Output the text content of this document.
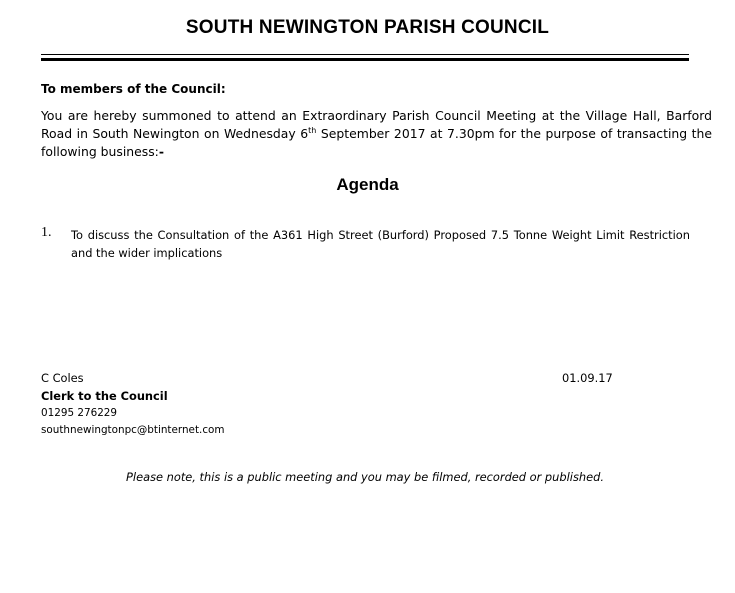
SOUTH NEWINGTON PARISH COUNCIL
To members of the Council:
You are hereby summoned to attend an Extraordinary Parish Council Meeting at the Village Hall, Barford Road in South Newington on Wednesday 6th September 2017 at 7.30pm for the purpose of transacting the following business:-
Agenda
1. To discuss the Consultation of the A361 High Street (Burford) Proposed 7.5 Tonne Weight Limit Restriction and the wider implications
C Coles
Clerk to the Council
01295 276229
southnewingtonpc@btinternet.com
01.09.17
Please note, this is a public meeting and you may be filmed, recorded or published.
